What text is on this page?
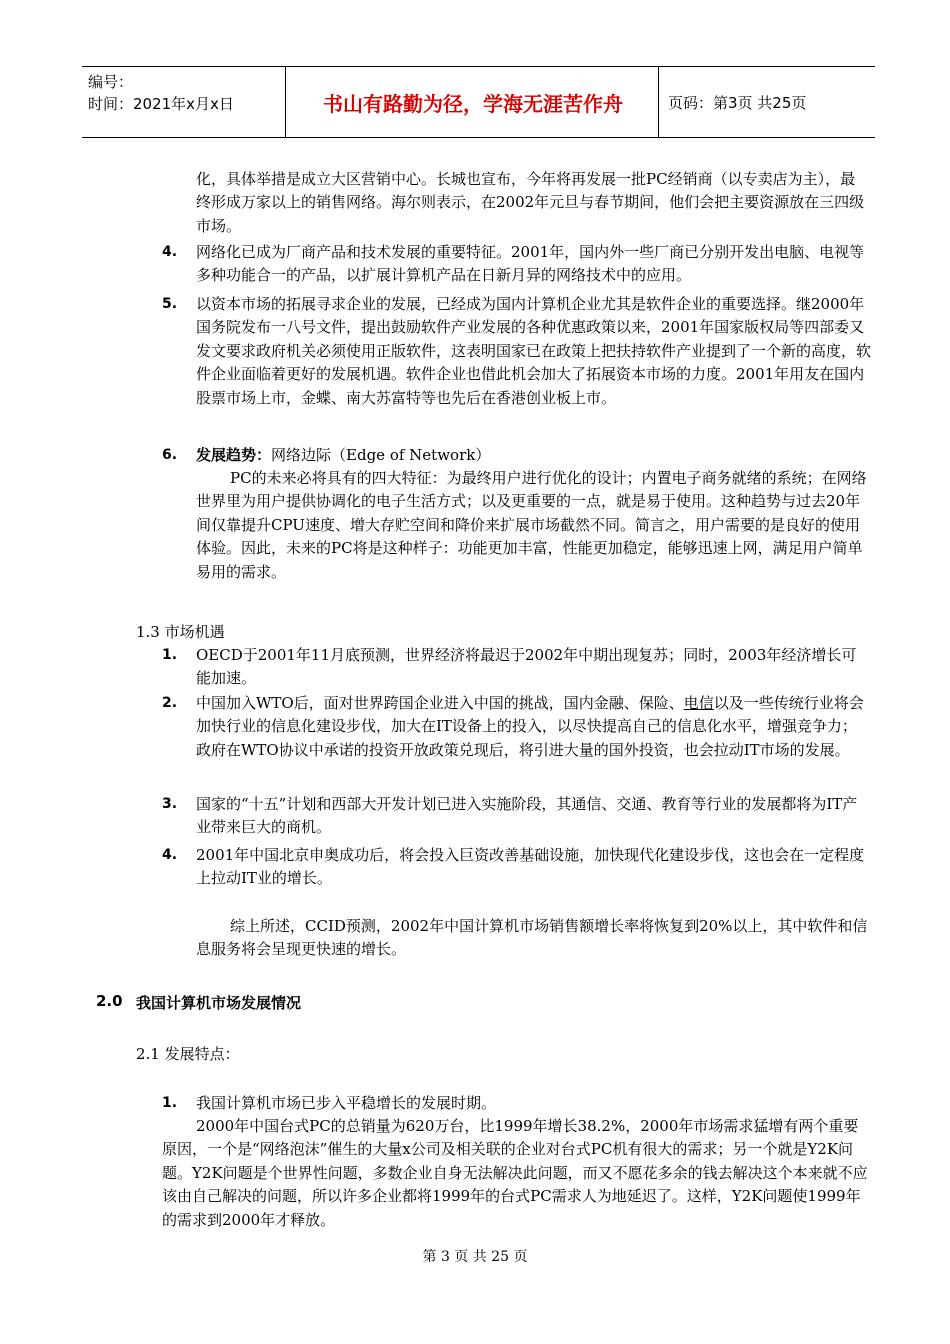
编号：
时间：2021年x月x日	书山有路勤为径，学海无涯苦作舟	页码：第3页 共25页

化，具体举措是成立大区营销中心。长城也宣布，今年将再发展一批PC经销商（以专卖店为主），最终形成万家以上的销售网络。海尔则表示，在2002年元旦与春节期间，他们会把主要资源放在三四级市场。

4. 网络化已成为厂商产品和技术发展的重要特征。2001年，国内外一些厂商已分别开发出电脑、电视等多种功能合一的产品，以扩展计算机产品在日新月异的网络技术中的应用。

5. 以资本市场的拓展寻求企业的发展，已经成为国内计算机企业尤其是软件企业的重要选择。继2000年国务院发布一八号文件，提出鼓励软件产业发展的各种优惠政策以来，2001年国家版权局等四部委又发文要求政府机关必须使用正版软件，这表明国家已在政策上把扶持软件产业提到了一个新的高度，软件企业面临着更好的发展机遇。软件企业也借此机会加大了拓展资本市场的力度。2001年用友在国内股票市场上市，金蝶、南大苏富特等也先后在香港创业板上市。

6. 发展趋势：网络边际（Edge of Network）

PC的未来必将具有的四大特征：为最终用户进行优化的设计；内置电子商务就绪的系统；在网络世界里为用户提供协调化的电子生活方式；以及更重要的一点，就是易于使用。这种趋势与过去20年间仅靠提升CPU速度、增大存贮空间和降价来扩展市场截然不同。简言之，用户需要的是良好的使用体验。因此，未来的PC将是这种样子：功能更加丰富，性能更加稳定，能够迅速上网，满足用户简单易用的需求。

1.3 市场机遇
1. OECD于2001年11月底预测，世界经济将最迟于2002年中期出现复苏；同时，2003年经济增长可能加速。

2. 中国加入WTO后，面对世界跨国企业进入中国的挑战，国内金融、保险、电信以及一些传统行业将会加快行业的信息化建设步伐，加大在IT设备上的投入，以尽快提高自己的信息化水平，增强竞争力；政府在WTO协议中承诺的投资开放政策兑现后，将引进大量的国外投资，也会拉动IT市场的发展。

3. 国家的“十五”计划和西部大开发计划已进入实施阶段，其通信、交通、教育等行业的发展都将为IT产业带来巨大的商机。

4. 2001年中国北京申奥成功后，将会投入巨资改善基础设施，加快现代化建设步伐，这也会在一定程度上拉动IT业的增长。

综上所述，CCID预测，2002年中国计算机市场销售额增长率将恢复到20%以上，其中软件和信息服务将会呈现更快速的增长。

2.0 我国计算机市场发展情况
2.1 发展特点：
1. 我国计算机市场已步入平稳增长的发展时期。

2000年中国台式PC的总销量为620万台，比1999年增长38.2%，2000年市场需求猛增有两个重要原因，一个是“网络泡沫”催生的大量x公司及相关联的企业对台式PC机有很大的需求；另一个就是Y2K问题。Y2K问题是个世界性问题，多数企业自身无法解决此问题，而又不愿花多余的钱去解决这个本来就不应该由自己解决的问题，所以许多企业都将1999年的台式PC需求人为地延迟了。这样，Y2K问题使1999年的需求到2000年才释放。

第 3 页 共 25 页
